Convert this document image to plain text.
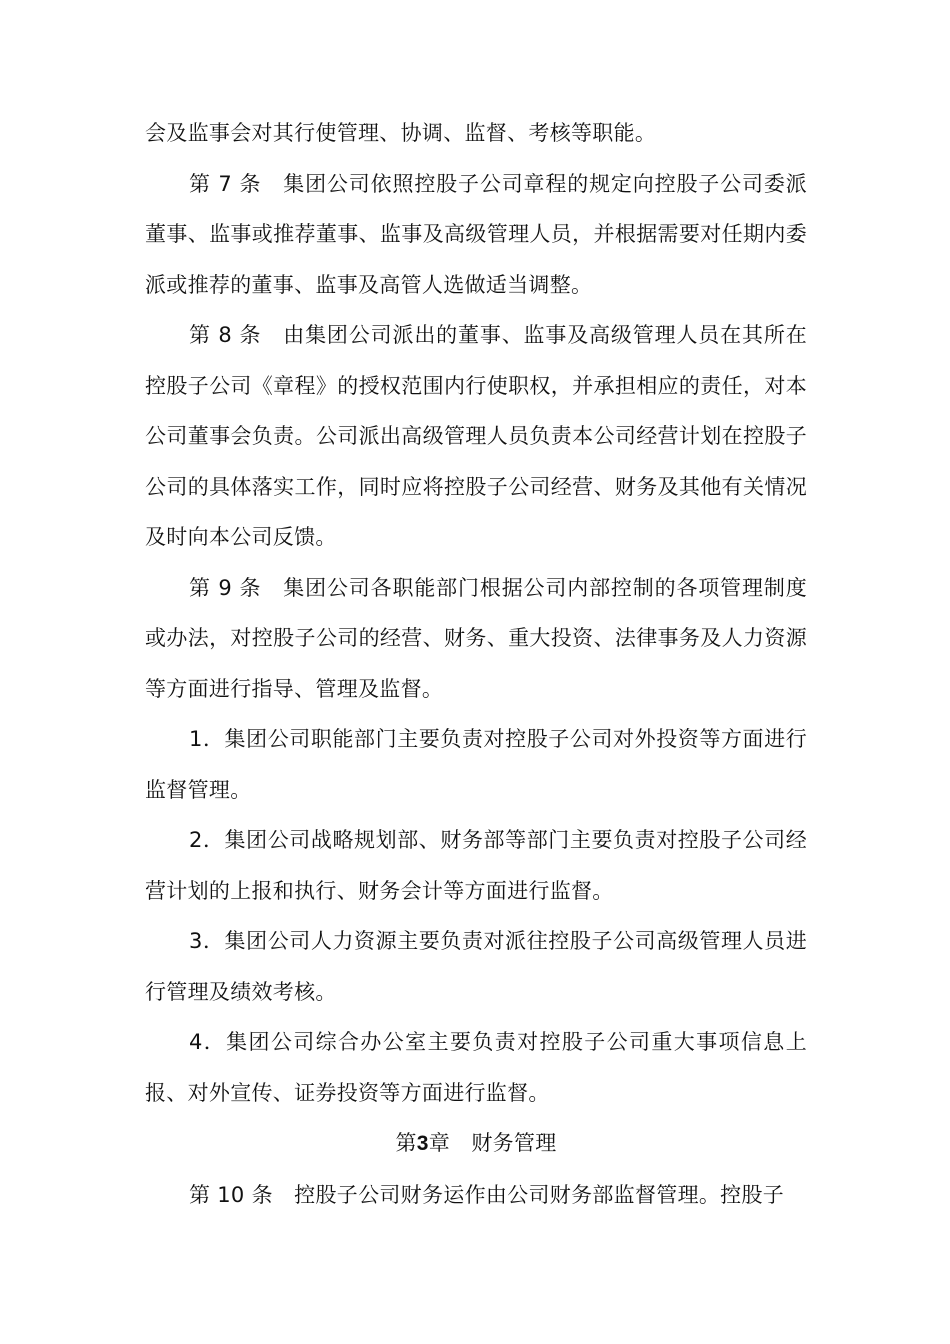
会及监事会对其行使管理、协调、监督、考核等职能。

第 7 条　集团公司依照控股子公司章程的规定向控股子公司委派董事、监事或推荐董事、监事及高级管理人员，并根据需要对任期内委派或推荐的董事、监事及高管人选做适当调整。

第 8 条　由集团公司派出的董事、监事及高级管理人员在其所在控股子公司《章程》的授权范围内行使职权，并承担相应的责任，对本公司董事会负责。公司派出高级管理人员负责本公司经营计划在控股子公司的具体落实工作，同时应将控股子公司经营、财务及其他有关情况及时向本公司反馈。

第 9 条　集团公司各职能部门根据公司内部控制的各项管理制度或办法，对控股子公司的经营、财务、重大投资、法律事务及人力资源等方面进行指导、管理及监督。

1．集团公司职能部门主要负责对控股子公司对外投资等方面进行监督管理。

2．集团公司战略规划部、财务部等部门主要负责对控股子公司经营计划的上报和执行、财务会计等方面进行监督。

3．集团公司人力资源主要负责对派往控股子公司高级管理人员进行管理及绩效考核。

4．集团公司综合办公室主要负责对控股子公司重大事项信息上报、对外宣传、证券投资等方面进行监督。

第3章　财务管理

第 10 条　控股子公司财务运作由公司财务部监督管理。控股子
